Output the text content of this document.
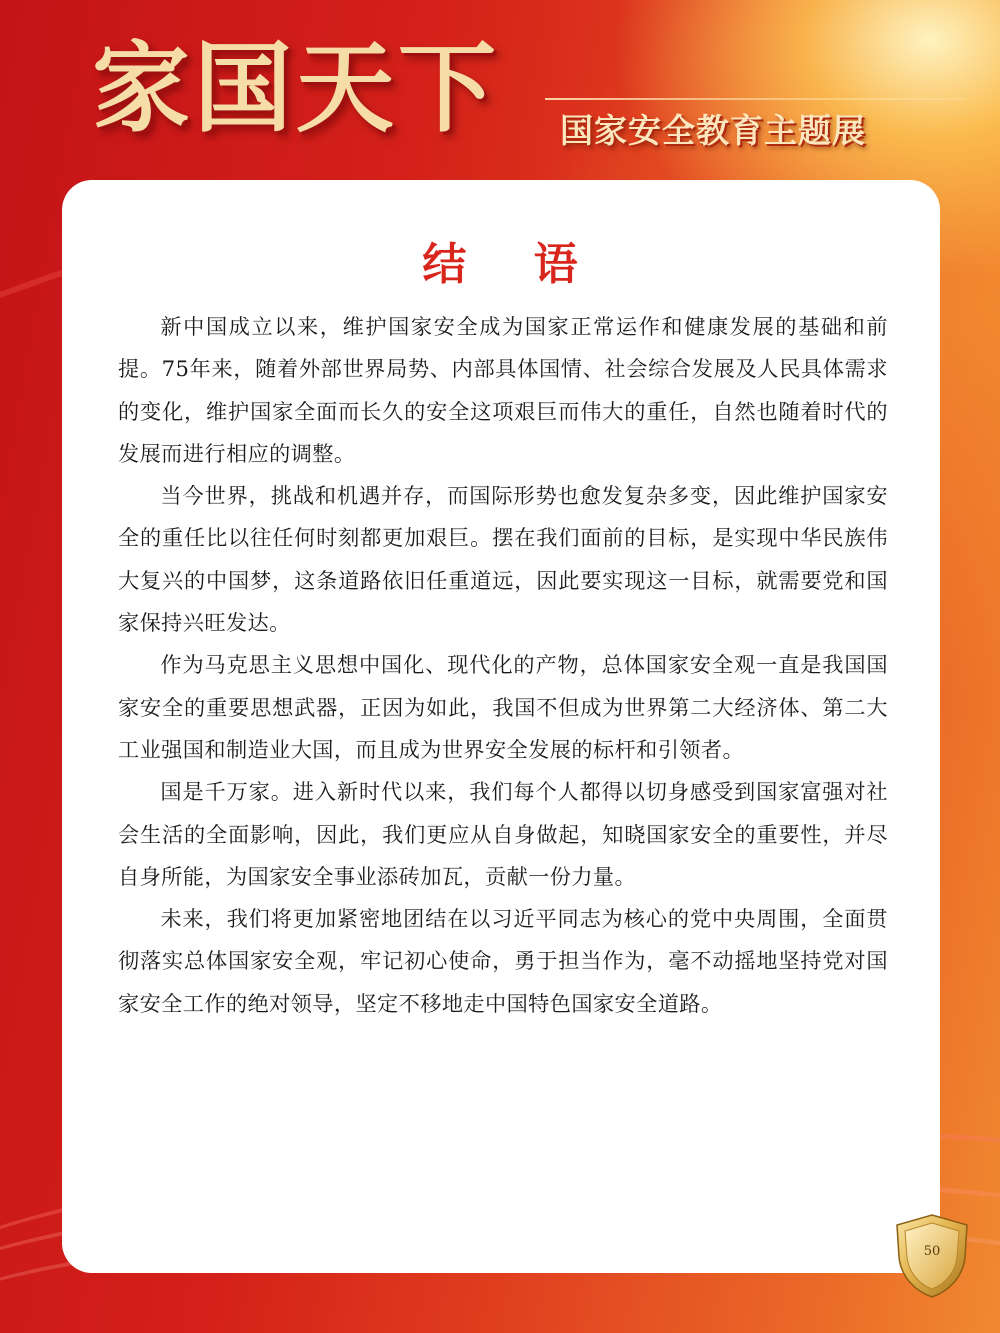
家国天下 国家安全教育主题展
结 语

新中国成立以来，维护国家安全成为国家正常运作和健康发展的基础和前提。75年来，随着外部世界局势、内部具体国情、社会综合发展及人民具体需求的变化，维护国家全面而长久的安全这项艰巨而伟大的重任，自然也随着时代的发展而进行相应的调整。

当今世界，挑战和机遇并存，而国际形势也愈发复杂多变，因此维护国家安全的重任比以往任何时刻都更加艰巨。摆在我们面前的目标，是实现中华民族伟大复兴的中国梦，这条道路依旧任重道远，因此要实现这一目标，就需要党和国家保持兴旺发达。

作为马克思主义思想中国化、现代化的产物，总体国家安全观一直是我国国家安全的重要思想武器，正因为如此，我国不但成为世界第二大经济体、第二大工业强国和制造业大国，而且成为世界安全发展的标杆和引领者。

国是千万家。进入新时代以来，我们每个人都得以切身感受到国家富强对社会生活的全面影响，因此，我们更应从自身做起，知晓国家安全的重要性，并尽自身所能，为国家安全事业添砖加瓦，贡献一份力量。

未来，我们将更加紧密地团结在以习近平同志为核心的党中央周围，全面贯彻落实总体国家安全观，牢记初心使命，勇于担当作为，毫不动摇地坚持党对国家安全工作的绝对领导，坚定不移地走中国特色国家安全道路。

50
